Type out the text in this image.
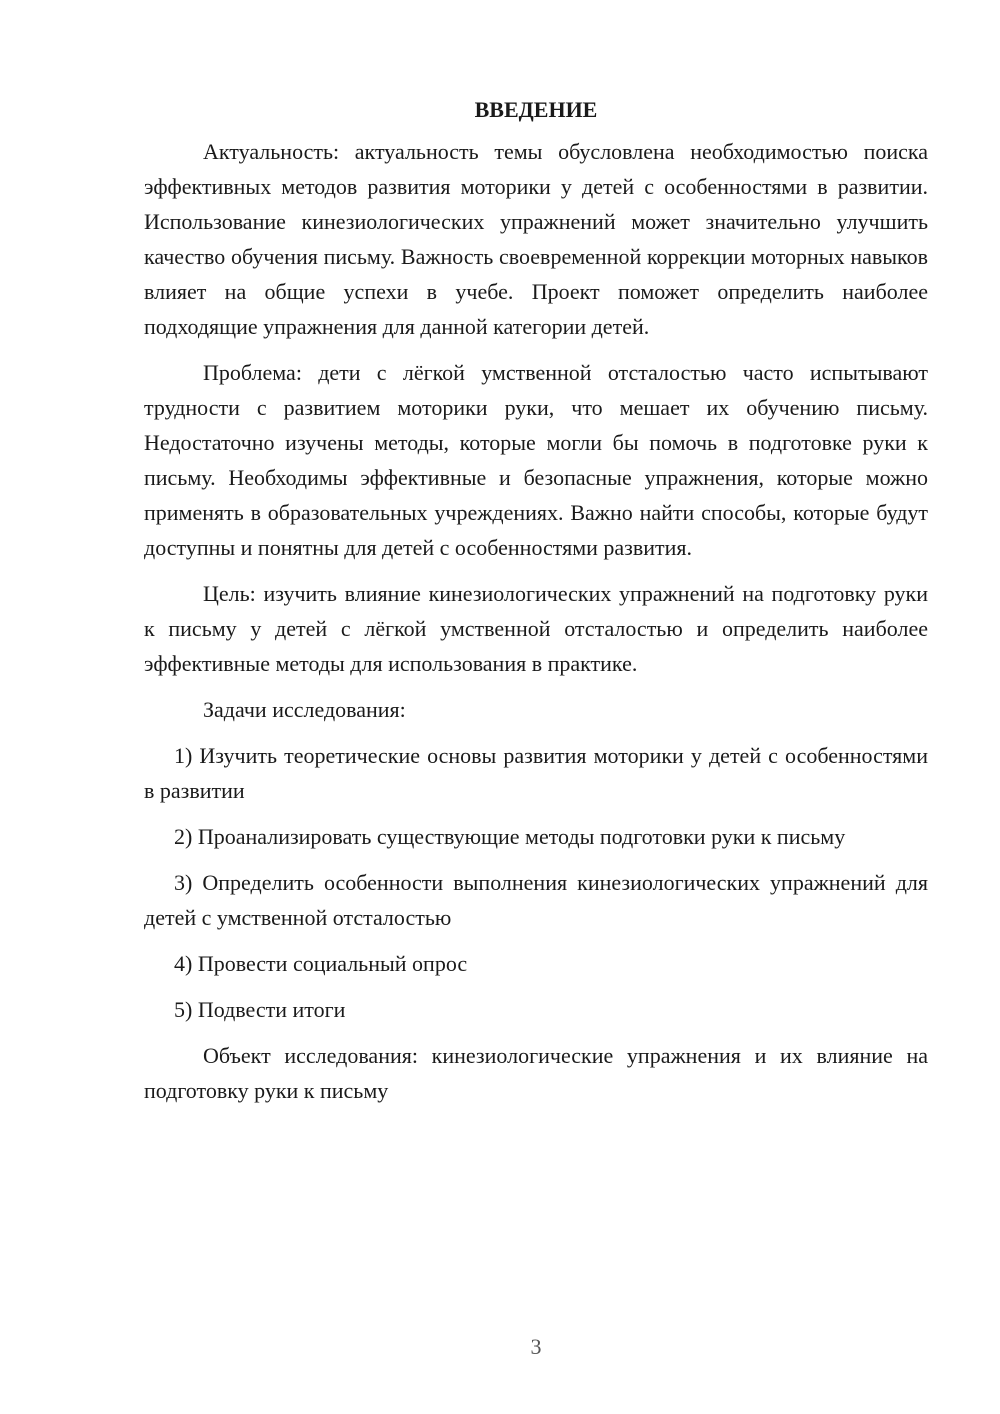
ВВЕДЕНИЕ

Актуальность: актуальность темы обусловлена необходимостью поиска эффективных методов развития моторики у детей с особенностями в развитии. Использование кинезиологических упражнений может значительно улучшить качество обучения письму. Важность своевременной коррекции моторных навыков влияет на общие успехи в учебе. Проект поможет определить наиболее подходящие упражнения для данной категории детей.

Проблема: дети с лёгкой умственной отсталостью часто испытывают трудности с развитием моторики руки, что мешает их обучению письму. Недостаточно изучены методы, которые могли бы помочь в подготовке руки к письму. Необходимы эффективные и безопасные упражнения, которые можно применять в образовательных учреждениях. Важно найти способы, которые будут доступны и понятны для детей с особенностями развития.

Цель: изучить влияние кинезиологических упражнений на подготовку руки к письму у детей с лёгкой умственной отсталостью и определить наиболее эффективные методы для использования в практике.

Задачи исследования:

1) Изучить теоретические основы развития моторики у детей с особенностями в развитии

2) Проанализировать существующие методы подготовки руки к письму

3) Определить особенности выполнения кинезиологических упражнений для детей с умственной отсталостью

4) Провести социальный опрос

5) Подвести итоги

Объект исследования: кинезиологические упражнения и их влияние на подготовку руки к письму

3
